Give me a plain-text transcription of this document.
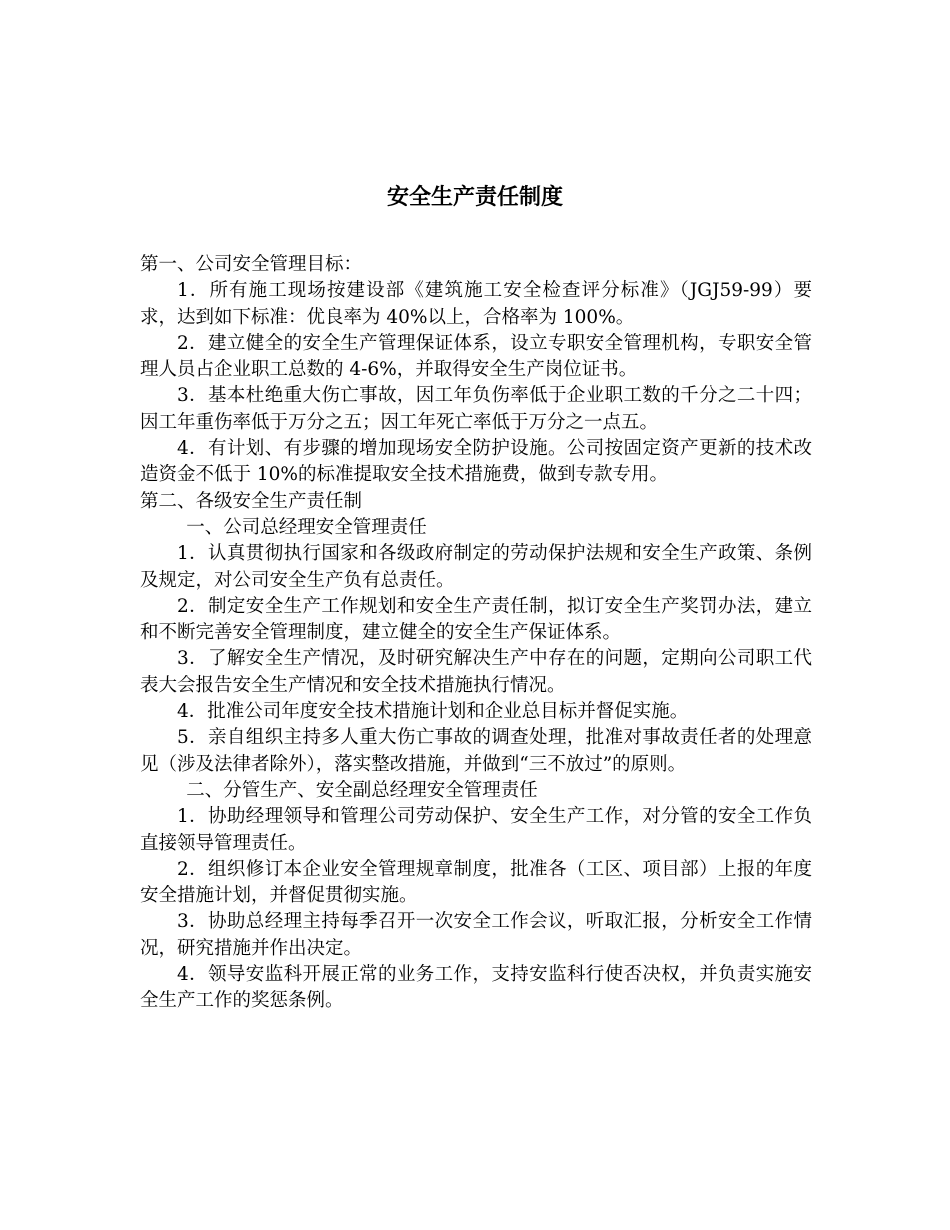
安全生产责任制度

第一、公司安全管理目标：

1．所有施工现场按建设部《建筑施工安全检查评分标准》（JGJ59-99）要求，达到如下标准：优良率为 40%以上，合格率为 100%。

2．建立健全的安全生产管理保证体系，设立专职安全管理机构，专职安全管理人员占企业职工总数的 4-6%，并取得安全生产岗位证书。

3．基本杜绝重大伤亡事故，因工年负伤率低于企业职工数的千分之二十四；因工年重伤率低于万分之五；因工年死亡率低于万分之一点五。

4．有计划、有步骤的增加现场安全防护设施。公司按固定资产更新的技术改造资金不低于 10%的标准提取安全技术措施费，做到专款专用。

第二、各级安全生产责任制

一、公司总经理安全管理责任

1．认真贯彻执行国家和各级政府制定的劳动保护法规和安全生产政策、条例及规定，对公司安全生产负有总责任。

2．制定安全生产工作规划和安全生产责任制，拟订安全生产奖罚办法，建立和不断完善安全管理制度，建立健全的安全生产保证体系。

3．了解安全生产情况，及时研究解决生产中存在的问题，定期向公司职工代表大会报告安全生产情况和安全技术措施执行情况。

4．批准公司年度安全技术措施计划和企业总目标并督促实施。

5．亲自组织主持多人重大伤亡事故的调查处理，批准对事故责任者的处理意见（涉及法律者除外），落实整改措施，并做到“三不放过”的原则。

二、分管生产、安全副总经理安全管理责任

1．协助经理领导和管理公司劳动保护、安全生产工作，对分管的安全工作负直接领导管理责任。

2．组织修订本企业安全管理规章制度，批准各（工区、项目部）上报的年度安全措施计划，并督促贯彻实施。

3．协助总经理主持每季召开一次安全工作会议，听取汇报，分析安全工作情况，研究措施并作出决定。

4．领导安监科开展正常的业务工作，支持安监科行使否决权，并负责实施安全生产工作的奖惩条例。
